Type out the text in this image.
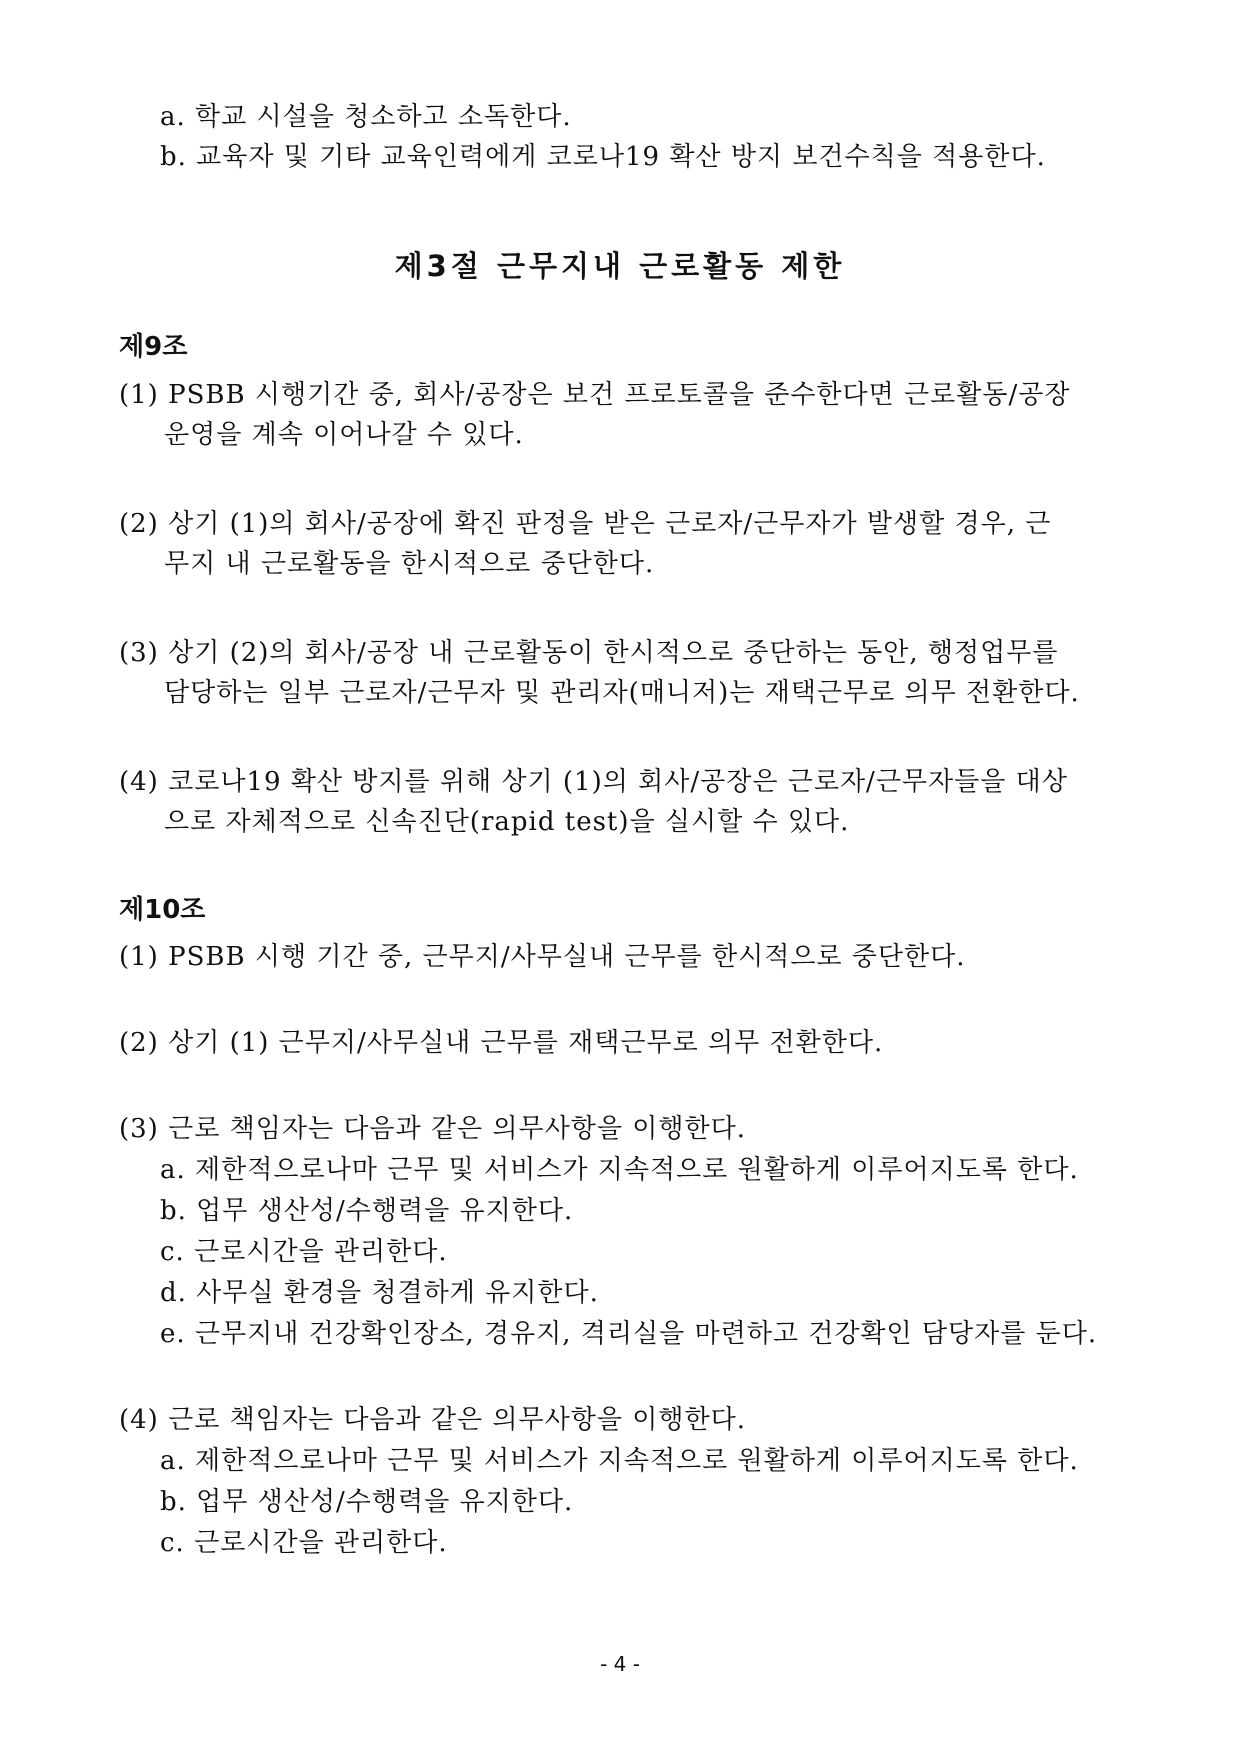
a. 학교 시설을 청소하고 소독한다.
b. 교육자 및 기타 교육인력에게 코로나19 확산 방지 보건수칙을 적용한다.
제3절 근무지내 근로활동 제한
제9조
(1) PSBB 시행기간 중, 회사/공장은 보건 프로토콜을 준수한다면 근로활동/공장
운영을 계속 이어나갈 수 있다.
(2) 상기 (1)의 회사/공장에 확진 판정을 받은 근로자/근무자가 발생할 경우, 근
무지 내 근로활동을 한시적으로 중단한다.
(3) 상기 (2)의 회사/공장 내 근로활동이 한시적으로 중단하는 동안, 행정업무를
담당하는 일부 근로자/근무자 및 관리자(매니저)는 재택근무로 의무 전환한다.
(4) 코로나19 확산 방지를 위해 상기 (1)의 회사/공장은 근로자/근무자들을 대상
으로 자체적으로 신속진단(rapid test)을 실시할 수 있다.
제10조
(1) PSBB 시행 기간 중, 근무지/사무실내 근무를 한시적으로 중단한다.
(2) 상기 (1) 근무지/사무실내 근무를 재택근무로 의무 전환한다.
(3) 근로 책임자는 다음과 같은 의무사항을 이행한다.
a. 제한적으로나마 근무 및 서비스가 지속적으로 원활하게 이루어지도록 한다.
b. 업무 생산성/수행력을 유지한다.
c. 근로시간을 관리한다.
d. 사무실 환경을 청결하게 유지한다.
e. 근무지내 건강확인장소, 경유지, 격리실을 마련하고 건강확인 담당자를 둔다.
(4) 근로 책임자는 다음과 같은 의무사항을 이행한다.
a. 제한적으로나마 근무 및 서비스가 지속적으로 원활하게 이루어지도록 한다.
b. 업무 생산성/수행력을 유지한다.
c. 근로시간을 관리한다.
- 4 -
